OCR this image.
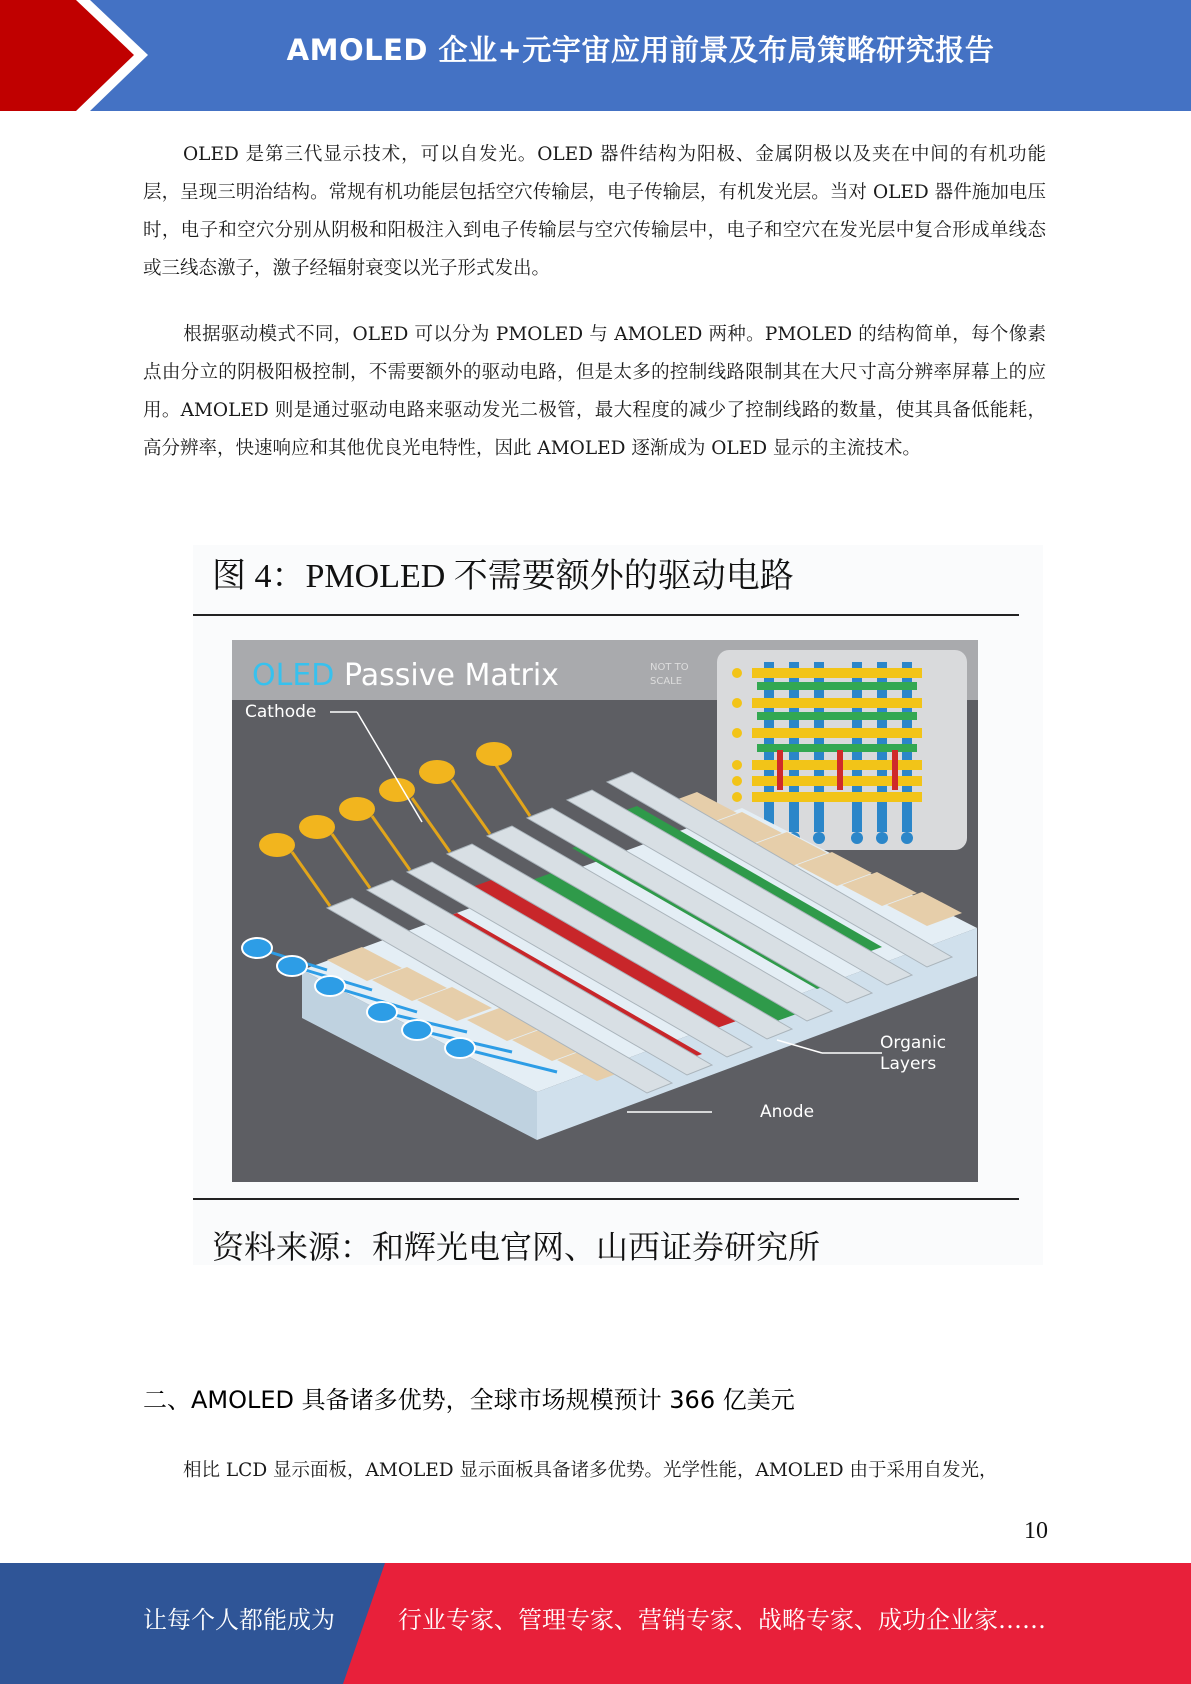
AMOLED 企业+元宇宙应用前景及布局策略研究报告

OLED 是第三代显示技术，可以自发光。OLED 器件结构为阳极、金属阴极以及夹在中间的有机功能层，呈现三明治结构。常规有机功能层包括空穴传输层，电子传输层，有机发光层。当对 OLED 器件施加电压时，电子和空穴分别从阴极和阳极注入到电子传输层与空穴传输层中，电子和空穴在发光层中复合形成单线态或三线态激子，激子经辐射衰变以光子形式发出。

根据驱动模式不同，OLED 可以分为 PMOLED 与 AMOLED 两种。PMOLED 的结构简单，每个像素点由分立的阴极阳极控制，不需要额外的驱动电路，但是太多的控制线路限制其在大尺寸高分辨率屏幕上的应用。AMOLED 则是通过驱动电路来驱动发光二极管，最大程度的减少了控制线路的数量，使其具备低能耗，高分辨率，快速响应和其他优良光电特性，因此 AMOLED 逐渐成为 OLED 显示的主流技术。

图 4：PMOLED 不需要额外的驱动电路
OLED Passive Matrix	NOT TO
SCALE
Cathode
Organic
Layers
Anode
资料来源：和辉光电官网、山西证券研究所
二、AMOLED 具备诸多优势，全球市场规模预计 366 亿美元

相比 LCD 显示面板，AMOLED 显示面板具备诸多优势。光学性能，AMOLED 由于采用自发光，

10
让每个人都能成为	行业专家、管理专家、营销专家、战略专家、成功企业家……
